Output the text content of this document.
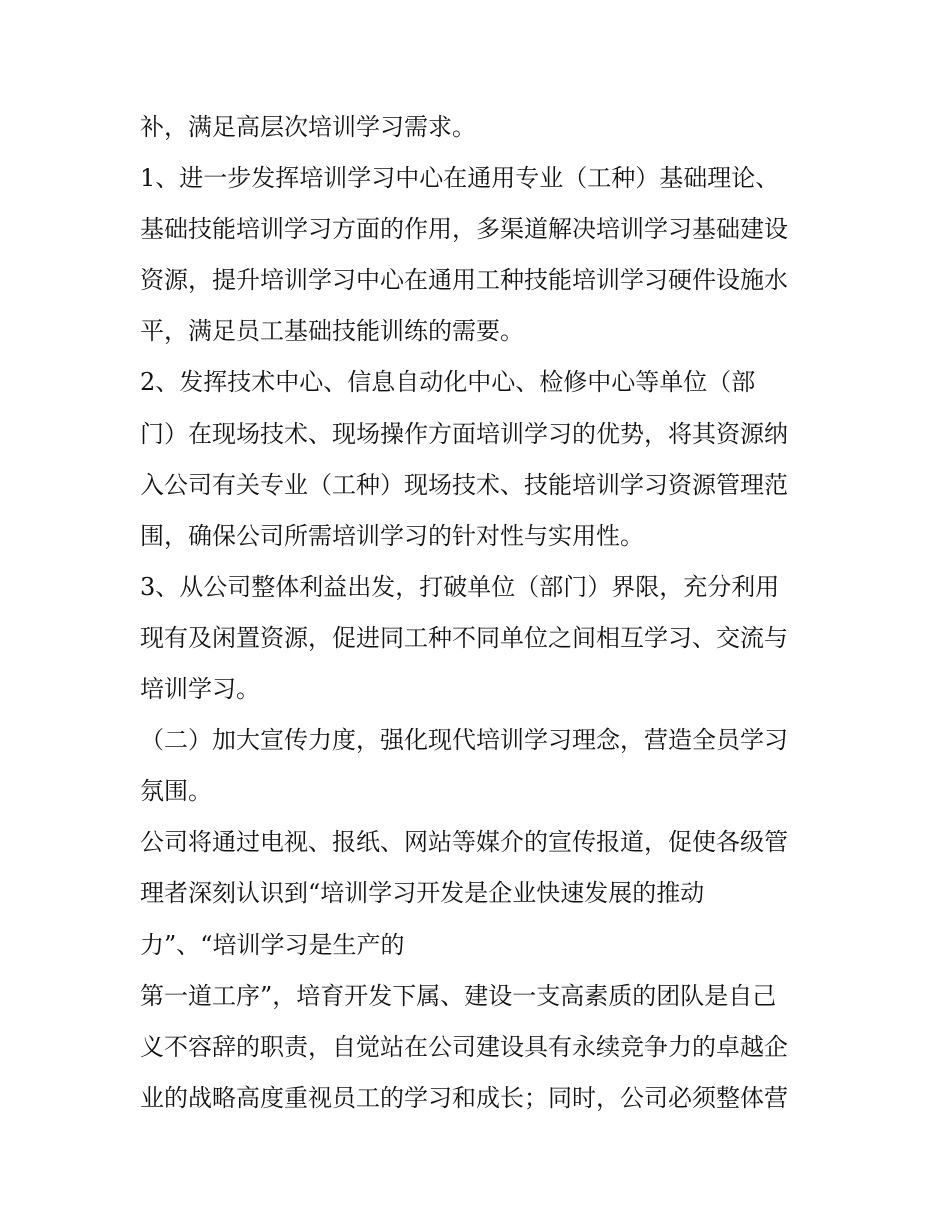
补，满足高层次培训学习需求。
1、进一步发挥培训学习中心在通用专业（工种）基础理论、
基础技能培训学习方面的作用，多渠道解决培训学习基础建设
资源，提升培训学习中心在通用工种技能培训学习硬件设施水
平，满足员工基础技能训练的需要。
2、发挥技术中心、信息自动化中心、检修中心等单位（部
门）在现场技术、现场操作方面培训学习的优势，将其资源纳
入公司有关专业（工种）现场技术、技能培训学习资源管理范
围，确保公司所需培训学习的针对性与实用性。
3、从公司整体利益出发，打破单位（部门）界限，充分利用
现有及闲置资源，促进同工种不同单位之间相互学习、交流与
培训学习。
（二）加大宣传力度，强化现代培训学习理念，营造全员学习
氛围。
公司将通过电视、报纸、网站等媒介的宣传报道，促使各级管
理者深刻认识到“培训学习开发是企业快速发展的推动
力”、“培训学习是生产的
第一道工序”，培育开发下属、建设一支高素质的团队是自己
义不容辞的职责，自觉站在公司建设具有永续竞争力的卓越企
业的战略高度重视员工的学习和成长；同时，公司必须整体营
